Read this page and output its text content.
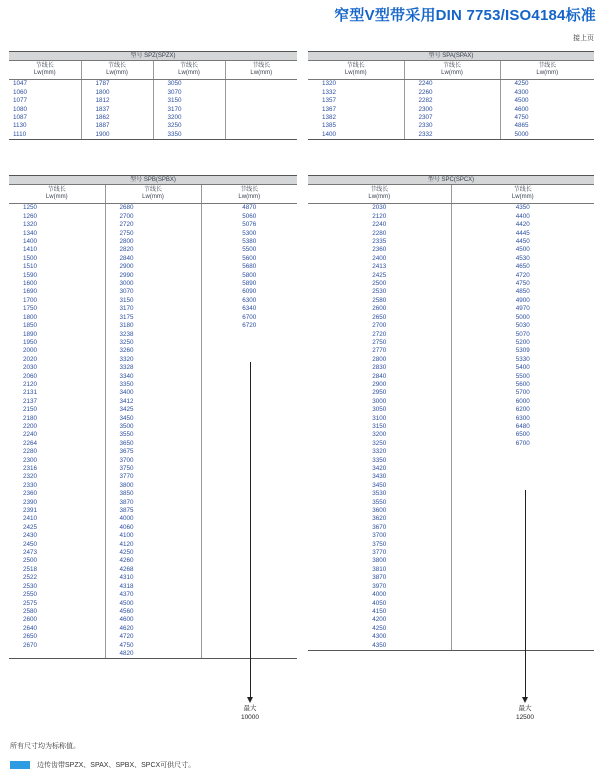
窄型V型带采用DIN 7753/ISO4184标准
接上页
型号 SPZ(SPZX)			
节线长
Lw(mm)	节线长
Lw(mm)	节线长
Lw(mm)	节线长
Lw(mm)
1047	1787	3050	
1060	1800	3070	
1077	1812	3150	
1080	1837	3170	
1087	1862	3200	
1130	1887	3250	
1110	1900	3350	
型号 SPA(SPAX)		
节线长
Lw(mm)	节线长
Lw(mm)	节线长
Lw(mm)
1320	2240	4250
1332	2260	4300
1357	2282	4500
1367	2300	4600
1382	2307	4750
1385	2330	4865
1400	2332	5000
型号 SPB(SPBX)		
节线长
Lw(mm)	节线长
Lw(mm)	节线长
Lw(mm)
1250	2680	4870
1260	2700	5060
1320	2720	5076
1340	2750	5300
1400	2800	5380
1410	2820	5500
1500	2840	5600
1510	2900	5680
1590	2990	5800
1600	3000	5890
1690	3070	6090
1700	3150	6300
1750	3170	6340
1800	3175	6700
1850	3180	6720
1890	3238	
1950	3250	
2000	3260	
2020	3320	
2030	3328	
2060	3340	
2120	3350	
2131	3400	
2137	3412	
2150	3425	
2180	3450	
2200	3500	
2240	3550	
2264	3650	
2280	3675	
2300	3700	
2316	3750	
2320	3770	
2330	3800	
2360	3850	
2390	3870	
2391	3875	
2410	4000	
2425	4060	
2430	4100	
2450	4120	
2473	4250	
2500	4260	
2518	4268	
2522	4310	
2530	4318	
2550	4370	
2575	4500	
2580	4560	
2600	4600	
2640	4620	
2650	4720	
2670	4750	
	4820	
型号 SPC(SPCX)	
节线长
Lw(mm)	节线长
Lw(mm)
2030	4350
2120	4400
2240	4420
2280	4445
2335	4450
2360	4500
2400	4530
2413	4650
2425	4720
2500	4750
2530	4850
2580	4900
2600	4970
2650	5000
2700	5030
2720	5070
2750	5200
2770	5309
2800	5330
2830	5400
2840	5500
2900	5600
2950	5700
3000	6000
3050	6200
3100	6300
3150	6480
3200	6500
3250	6700
3320	
3350	
3420	
3430	
3450	
3530	
3550	
3600	
3620	
3670	
3700	
3750	
3770	
3800	
3810	
3870	
3970	
4000	
4050	
4150	
4200	
4250	
4300	
4350	
最大
10000
最大
12500
所有尺寸均为标称值。
边传齿带SPZX、SPAX、SPBX、SPCX可供尺寸。
